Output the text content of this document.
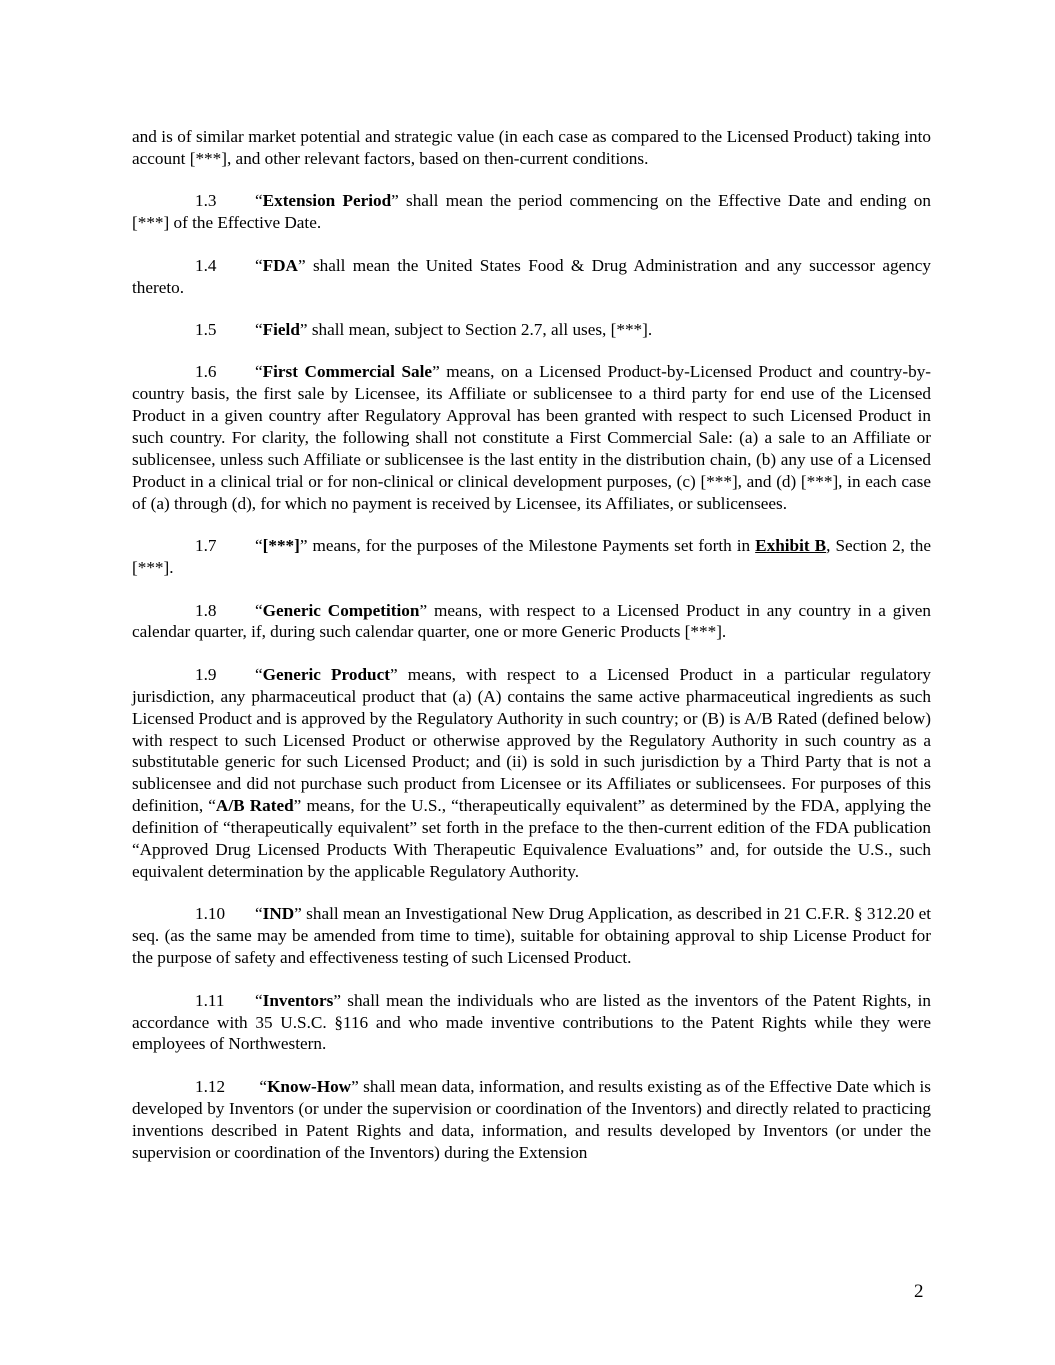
and is of similar market potential and strategic value (in each case as compared to the Licensed Product) taking into account [***], and other relevant factors, based on then-current conditions.

1.3 “Extension Period” shall mean the period commencing on the Effective Date and ending on [***] of the Effective Date.

1.4 “FDA” shall mean the United States Food & Drug Administration and any successor agency thereto.

1.5 “Field” shall mean, subject to Section 2.7, all uses, [***].

1.6 “First Commercial Sale” means, on a Licensed Product-by-Licensed Product and country-by-country basis, the first sale by Licensee, its Affiliate or sublicensee to a third party for end use of the Licensed Product in a given country after Regulatory Approval has been granted with respect to such Licensed Product in such country. For clarity, the following shall not constitute a First Commercial Sale: (a) a sale to an Affiliate or sublicensee, unless such Affiliate or sublicensee is the last entity in the distribution chain, (b) any use of a Licensed Product in a clinical trial or for non-clinical or clinical development purposes, (c) [***], and (d) [***], in each case of (a) through (d), for which no payment is received by Licensee, its Affiliates, or sublicensees.

1.7 “[***]” means, for the purposes of the Milestone Payments set forth in Exhibit B, Section 2, the [***].

1.8 “Generic Competition” means, with respect to a Licensed Product in any country in a given calendar quarter, if, during such calendar quarter, one or more Generic Products [***].

1.9 “Generic Product” means, with respect to a Licensed Product in a particular regulatory jurisdiction, any pharmaceutical product that (a) (A) contains the same active pharmaceutical ingredients as such Licensed Product and is approved by the Regulatory Authority in such country; or (B) is A/B Rated (defined below) with respect to such Licensed Product or otherwise approved by the Regulatory Authority in such country as a substitutable generic for such Licensed Product; and (ii) is sold in such jurisdiction by a Third Party that is not a sublicensee and did not purchase such product from Licensee or its Affiliates or sublicensees. For purposes of this definition, “A/B Rated” means, for the U.S., “therapeutically equivalent” as determined by the FDA, applying the definition of “therapeutically equivalent” set forth in the preface to the then-current edition of the FDA publication “Approved Drug Licensed Products With Therapeutic Equivalence Evaluations” and, for outside the U.S., such equivalent determination by the applicable Regulatory Authority.

1.10 “IND” shall mean an Investigational New Drug Application, as described in 21 C.F.R. § 312.20 et seq. (as the same may be amended from time to time), suitable for obtaining approval to ship License Product for the purpose of safety and effectiveness testing of such Licensed Product.

1.11 “Inventors” shall mean the individuals who are listed as the inventors of the Patent Rights, in accordance with 35 U.S.C. §116 and who made inventive contributions to the Patent Rights while they were employees of Northwestern.

1.12 “Know-How” shall mean data, information, and results existing as of the Effective Date which is developed by Inventors (or under the supervision or coordination of the Inventors) and directly related to practicing inventions described in Patent Rights and data, information, and results developed by Inventors (or under the supervision or coordination of the Inventors) during the Extension

2
